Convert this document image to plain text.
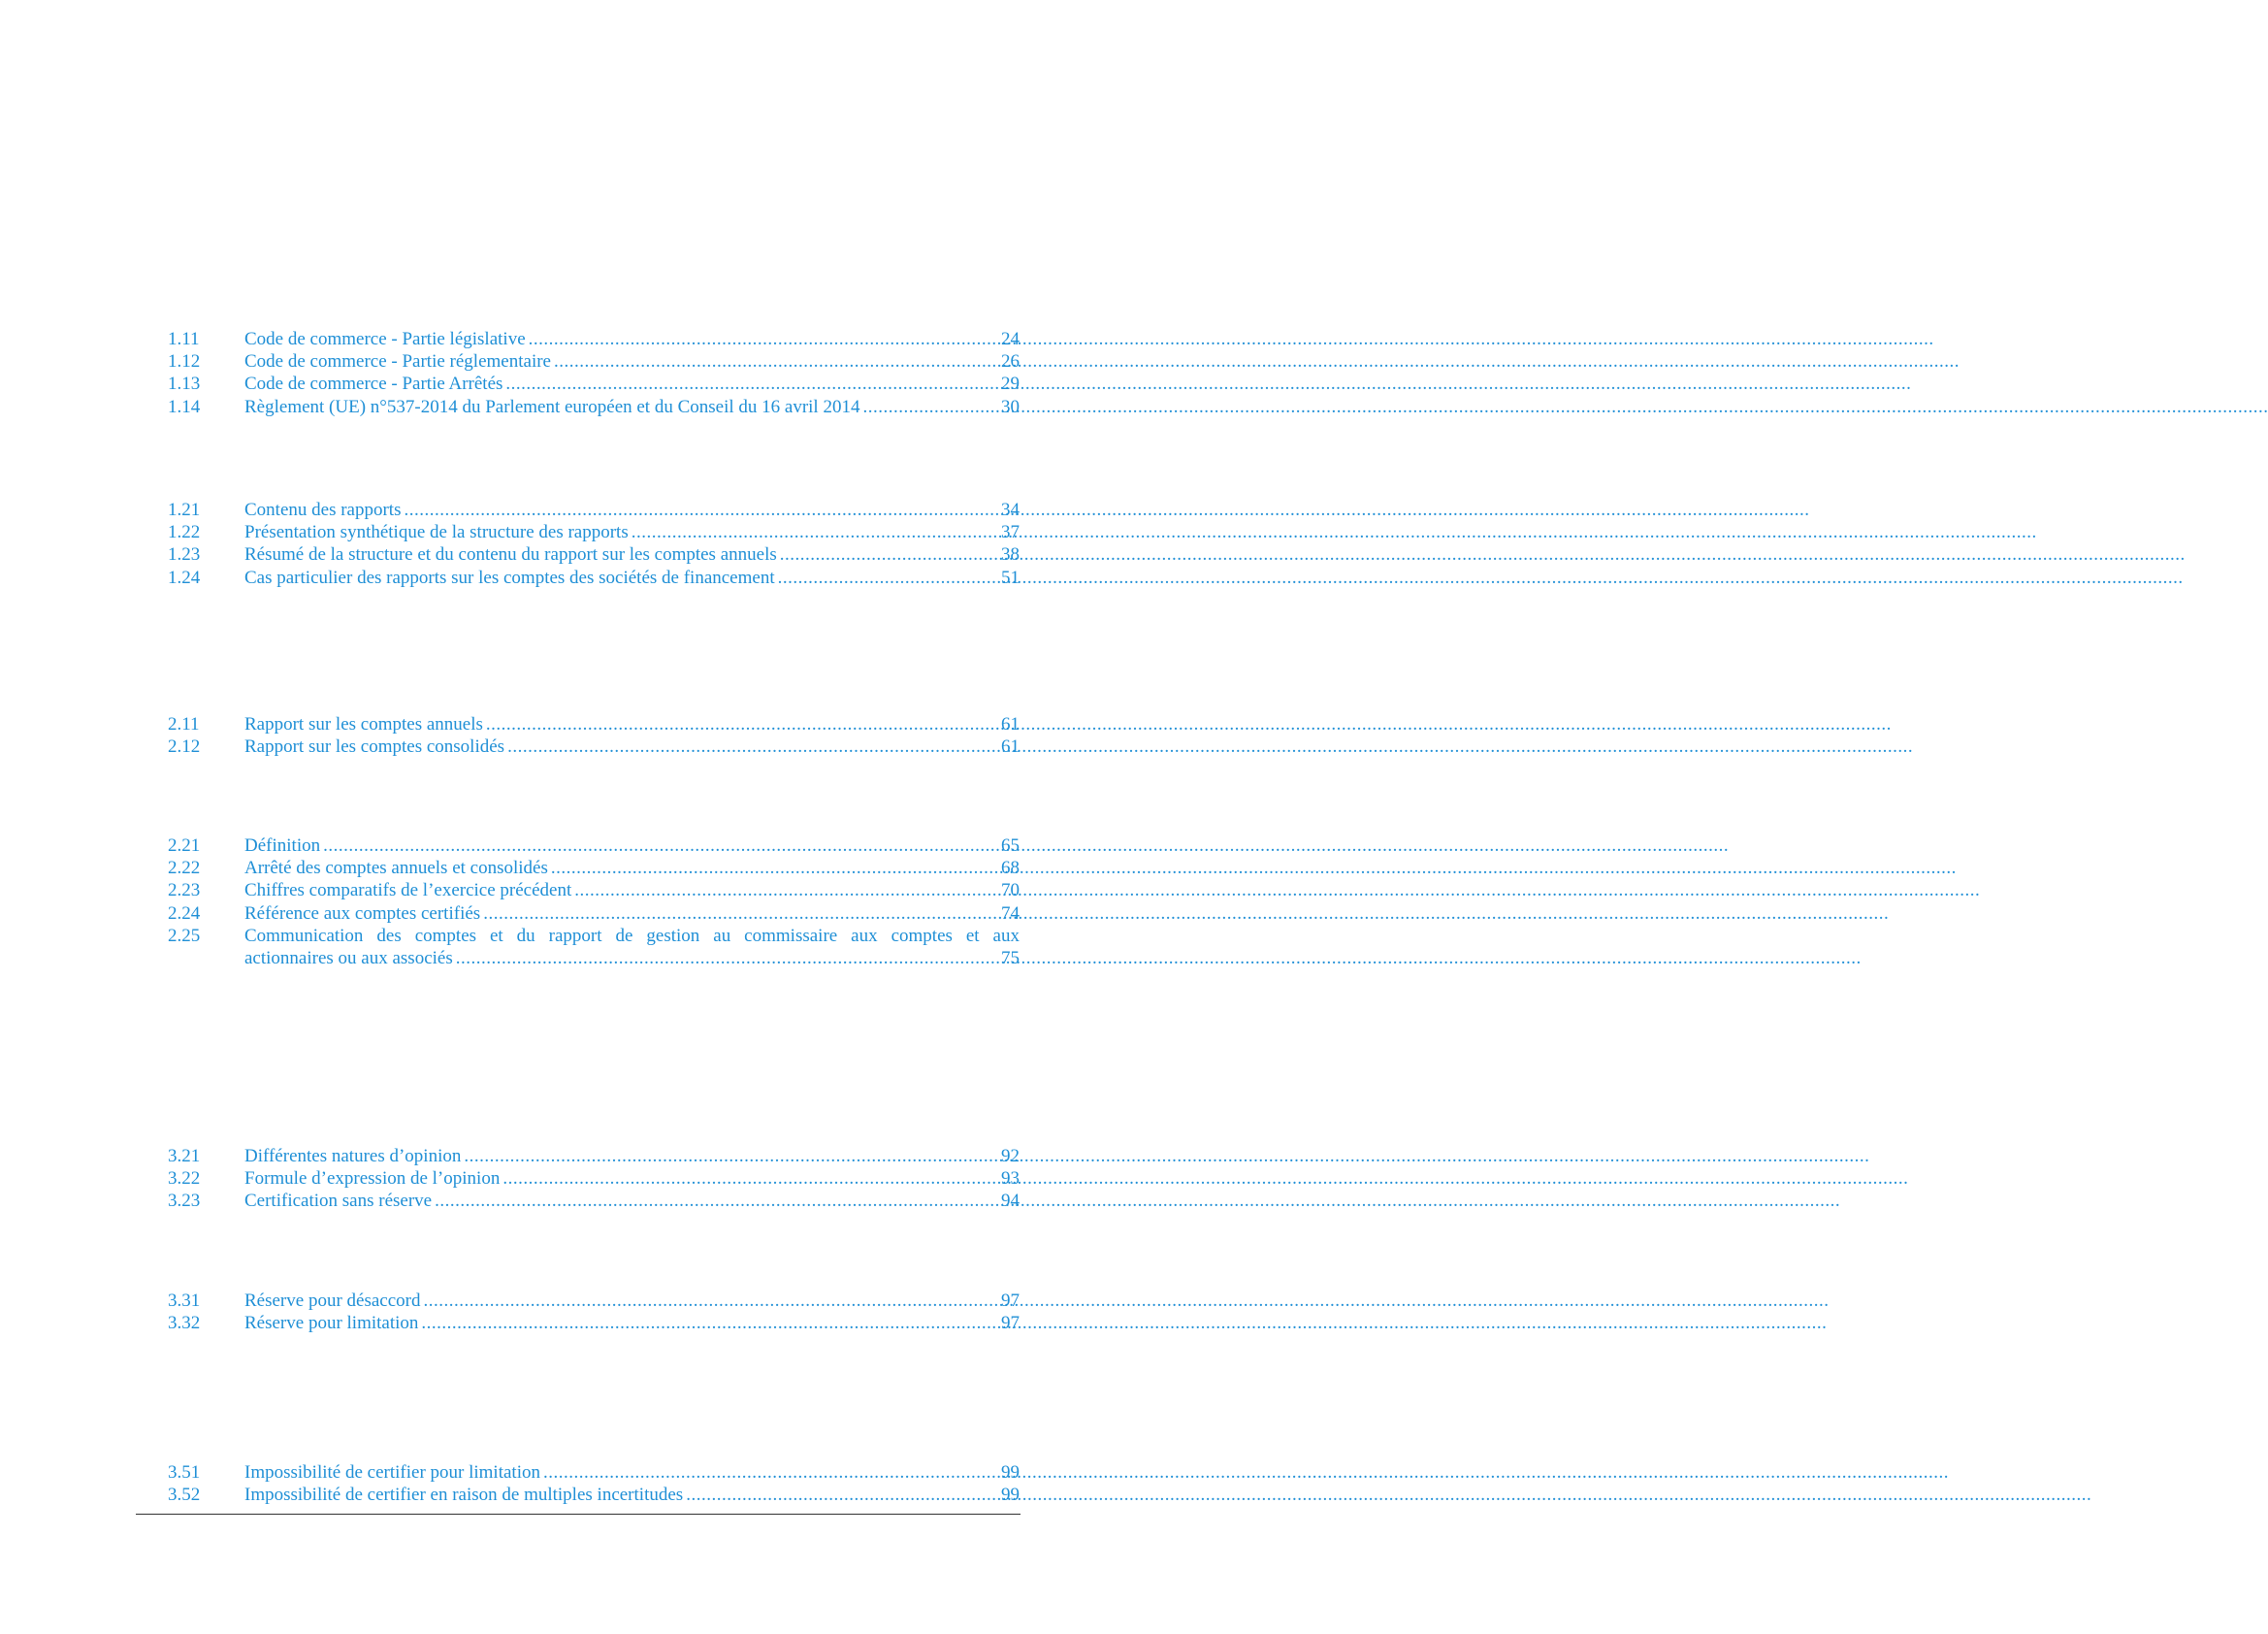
1.11	Code de commerce - Partie législative .....	24
1.12	Code de commerce - Partie réglementaire .....	26
1.13	Code de commerce - Partie Arrêtés .....	29
1.14	Règlement (UE) n°537-2014 du Parlement européen et du Conseil du 16 avril 2014 .....	30
1.21	Contenu des rapports .....	34
1.22	Présentation synthétique de la structure des rapports .....	37
1.23	Résumé de la structure et du contenu du rapport sur les comptes annuels .....	38
1.24	Cas particulier des rapports sur les comptes des sociétés de financement .....	51
2.11	Rapport sur les comptes annuels .....	61
2.12	Rapport sur les comptes consolidés .....	61
2.21	Définition .....	65
2.22	Arrêté des comptes annuels et consolidés .....	68
2.23	Chiffres comparatifs de l’exercice précédent .....	70
2.24	Référence aux comptes certifiés .....	74
2.25	Communication des comptes et du rapport de gestion au commissaire aux comptes et aux
actionnaires ou aux associés .....	75
3.21	Différentes natures d’opinion .....	92
3.22	Formule d’expression de l’opinion .....	93
3.23	Certification sans réserve .....	94
3.31	Réserve pour désaccord .....	97
3.32	Réserve pour limitation .....	97
3.51	Impossibilité de certifier pour limitation .....	99
3.52	Impossibilité de certifier en raison de multiples incertitudes .....	99
